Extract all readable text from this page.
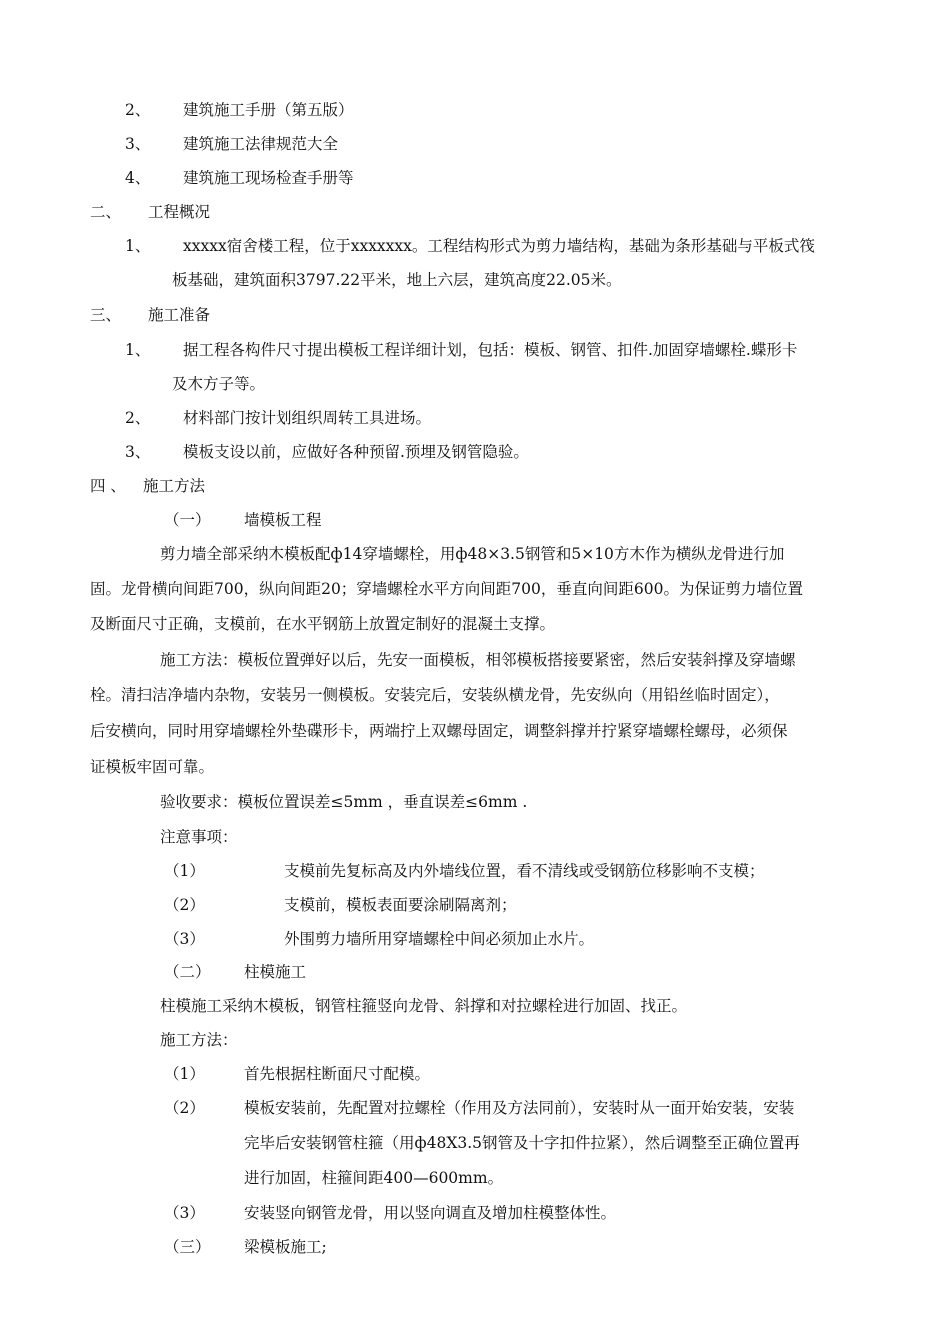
2、 建筑施工手册（第五版）
3、 建筑施工法律规范大全
4、 建筑施工现场检查手册等
二、 工程概况
1、 xxxxx宿舍楼工程，位于xxxxxxx。工程结构形式为剪力墙结构，基础为条形基础与平板式筏
板基础，建筑面积3797.22平米，地上六层，建筑高度22.05米。
三、 施工准备
1、 据工程各构件尺寸提出模板工程详细计划，包括：模板、钢管、扣件.加固穿墙螺栓.蝶形卡
及木方子等。
2、 材料部门按计划组织周转工具进场。
3、 模板支设以前，应做好各种预留.预埋及钢管隐验。
四 、 施工方法
（一） 墙模板工程
剪力墙全部采纳木模板配ф14穿墙螺栓，用ф48×3.5钢管和5×10方木作为横纵龙骨进行加
固。龙骨横向间距700，纵向间距20；穿墙螺栓水平方向间距700，垂直向间距600。为保证剪力墙位置
及断面尺寸正确，支模前，在水平钢筋上放置定制好的混凝土支撑。
施工方法：模板位置弹好以后，先安一面模板，相邻模板搭接要紧密，然后安装斜撑及穿墙螺
栓。清扫洁净墙内杂物，安装另一侧模板。安装完后，安装纵横龙骨，先安纵向（用铅丝临时固定），
后安横向，同时用穿墙螺栓外垫碟形卡，两端拧上双螺母固定，调整斜撑并拧紧穿墙螺栓螺母，必须保
证模板牢固可靠。
验收要求：模板位置误差≤5mm ，垂直误差≤6mm .
注意事项：
（1）	支模前先复标高及内外墙线位置，看不清线或受钢筋位移影响不支模；
（2）	支模前，模板表面要涂刷隔离剂；
（3）	外围剪力墙所用穿墙螺栓中间必须加止水片。
（二） 柱模施工
柱模施工采纳木模板，钢管柱箍竖向龙骨、斜撑和对拉螺栓进行加固、找正。
施工方法：
（1）	首先根据柱断面尺寸配模。
（2）	模板安装前，先配置对拉螺栓（作用及方法同前），安装时从一面开始安装，安装
完毕后安装钢管柱箍（用ф48X3.5钢管及十字扣件拉紧），然后调整至正确位置再
进行加固，柱箍间距400—600mm。
（3）	安装竖向钢管龙骨，用以竖向调直及增加柱模整体性。
（三） 梁模板施工;
